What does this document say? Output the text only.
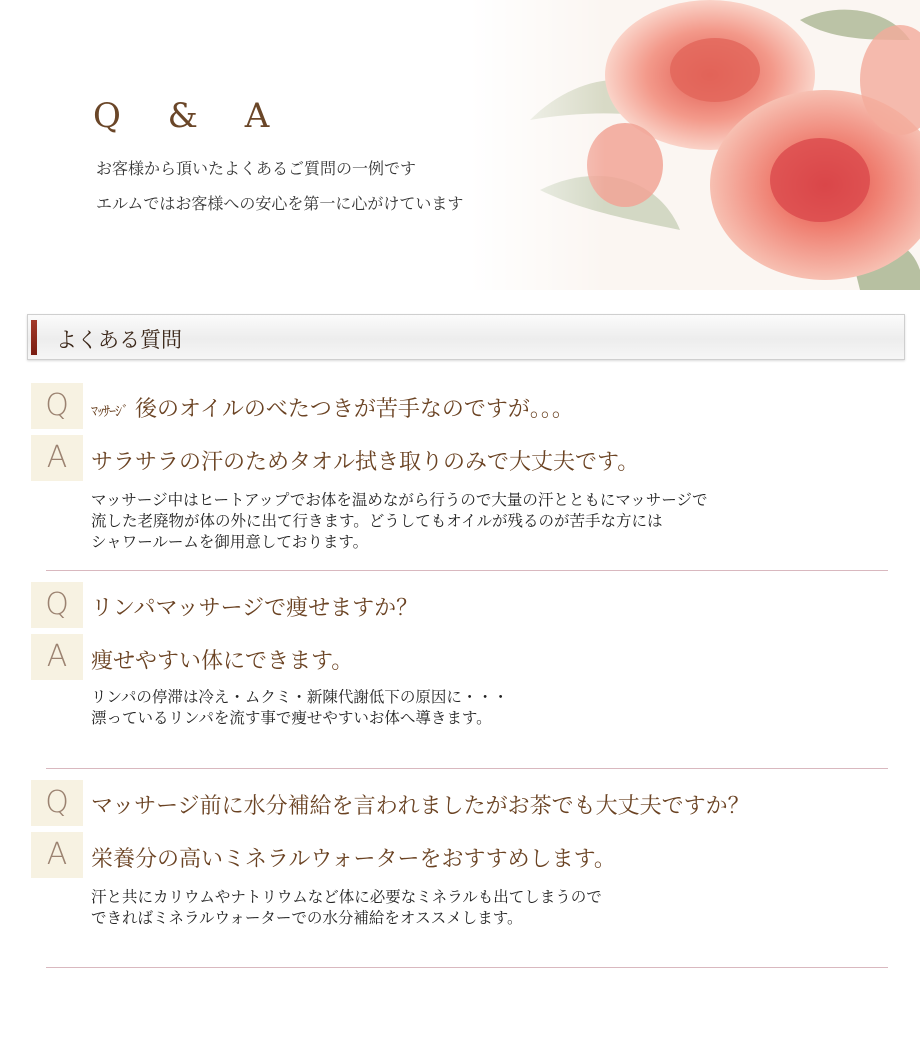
Q & A
お客様から頂いたよくあるご質問の一例です
エルムではお客様への安心を第一に心がけています
よくある質問
Q	ﾏｯｻｰｼﾞ 後のオイルのべたつきが苦手なのですが。。。
A	サラサラの汗のためタオル拭き取りのみで大丈夫です。
マッサージ中はヒートアップでお体を温めながら行うので大量の汗とともにマッサージで
流した老廃物が体の外に出て行きます。どうしてもオイルが残るのが苦手な方には
シャワールームを御用意しております。
Q	リンパマッサージで痩せますか？
A	痩せやすい体にできます。
リンパの停滞は冷え・ムクミ・新陳代謝低下の原因に・・・
漂っているリンパを流す事で痩せやすいお体へ導きます。
Q	マッサージ前に水分補給を言われましたがお茶でも大丈夫ですか？
A	栄養分の高いミネラルウォーターをおすすめします。
汗と共にカリウムやナトリウムなど体に必要なミネラルも出てしまうので
できればミネラルウォーターでの水分補給をオススメします。
